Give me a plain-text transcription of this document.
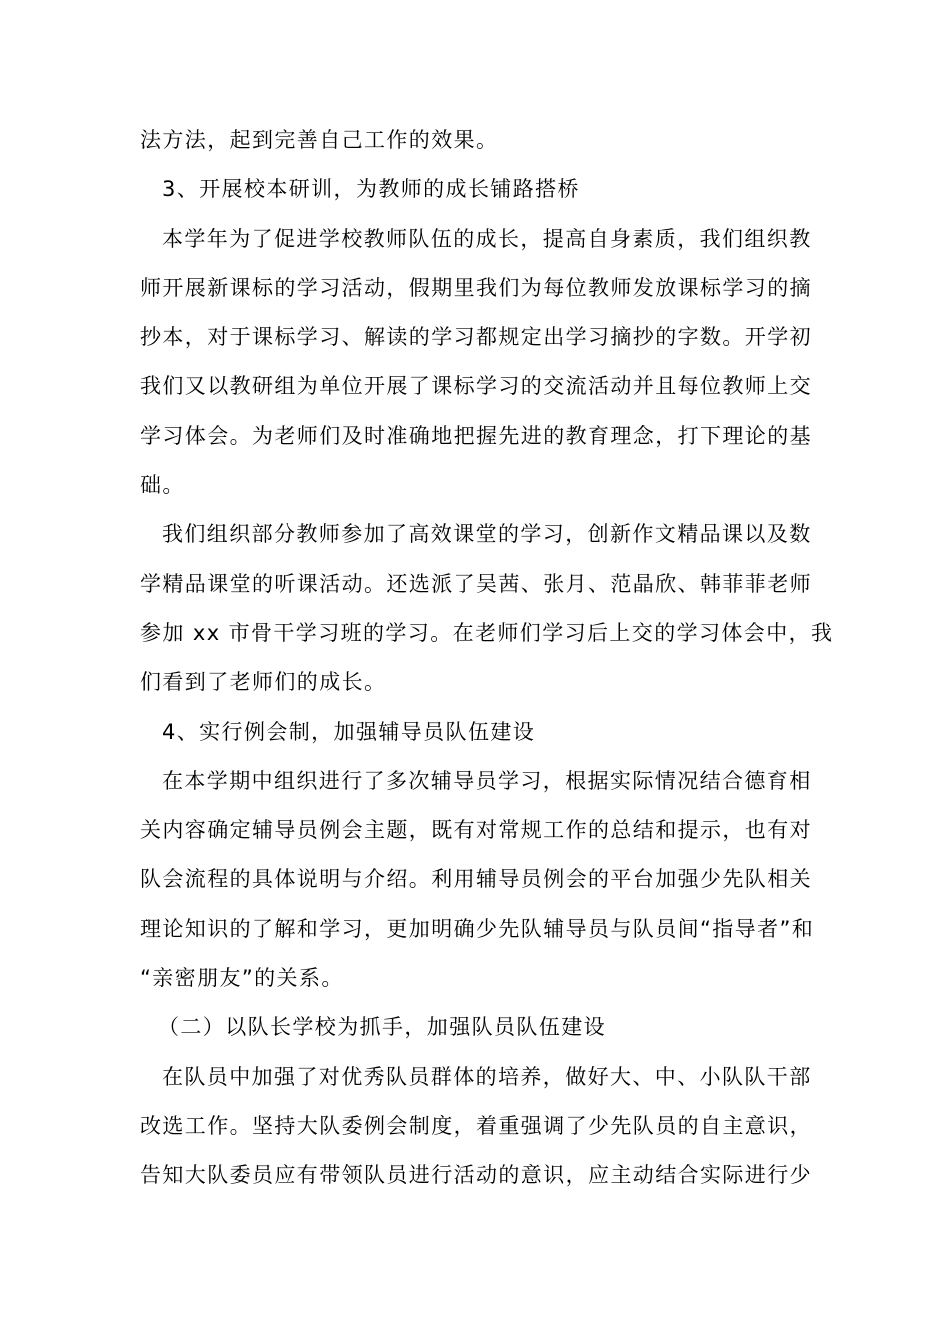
法方法，起到完善自己工作的效果。
3、开展校本研训，为教师的成长铺路搭桥
本学年为了促进学校教师队伍的成长，提高自身素质，我们组织教
师开展新课标的学习活动，假期里我们为每位教师发放课标学习的摘
抄本，对于课标学习、解读的学习都规定出学习摘抄的字数。开学初
我们又以教研组为单位开展了课标学习的交流活动并且每位教师上交
学习体会。为老师们及时准确地把握先进的教育理念，打下理论的基
础。
我们组织部分教师参加了高效课堂的学习，创新作文精品课以及数
学精品课堂的听课活动。还选派了吴茜、张月、范晶欣、韩菲菲老师
参加 xx 市骨干学习班的学习。在老师们学习后上交的学习体会中，我
们看到了老师们的成长。
4、实行例会制，加强辅导员队伍建设
在本学期中组织进行了多次辅导员学习，根据实际情况结合德育相
关内容确定辅导员例会主题，既有对常规工作的总结和提示，也有对
队会流程的具体说明与介绍。利用辅导员例会的平台加强少先队相关
理论知识的了解和学习，更加明确少先队辅导员与队员间“指导者”和
“亲密朋友”的关系。
（二）以队长学校为抓手，加强队员队伍建设
在队员中加强了对优秀队员群体的培养，做好大、中、小队队干部
改选工作。坚持大队委例会制度，着重强调了少先队员的自主意识，
告知大队委员应有带领队员进行活动的意识，应主动结合实际进行少
